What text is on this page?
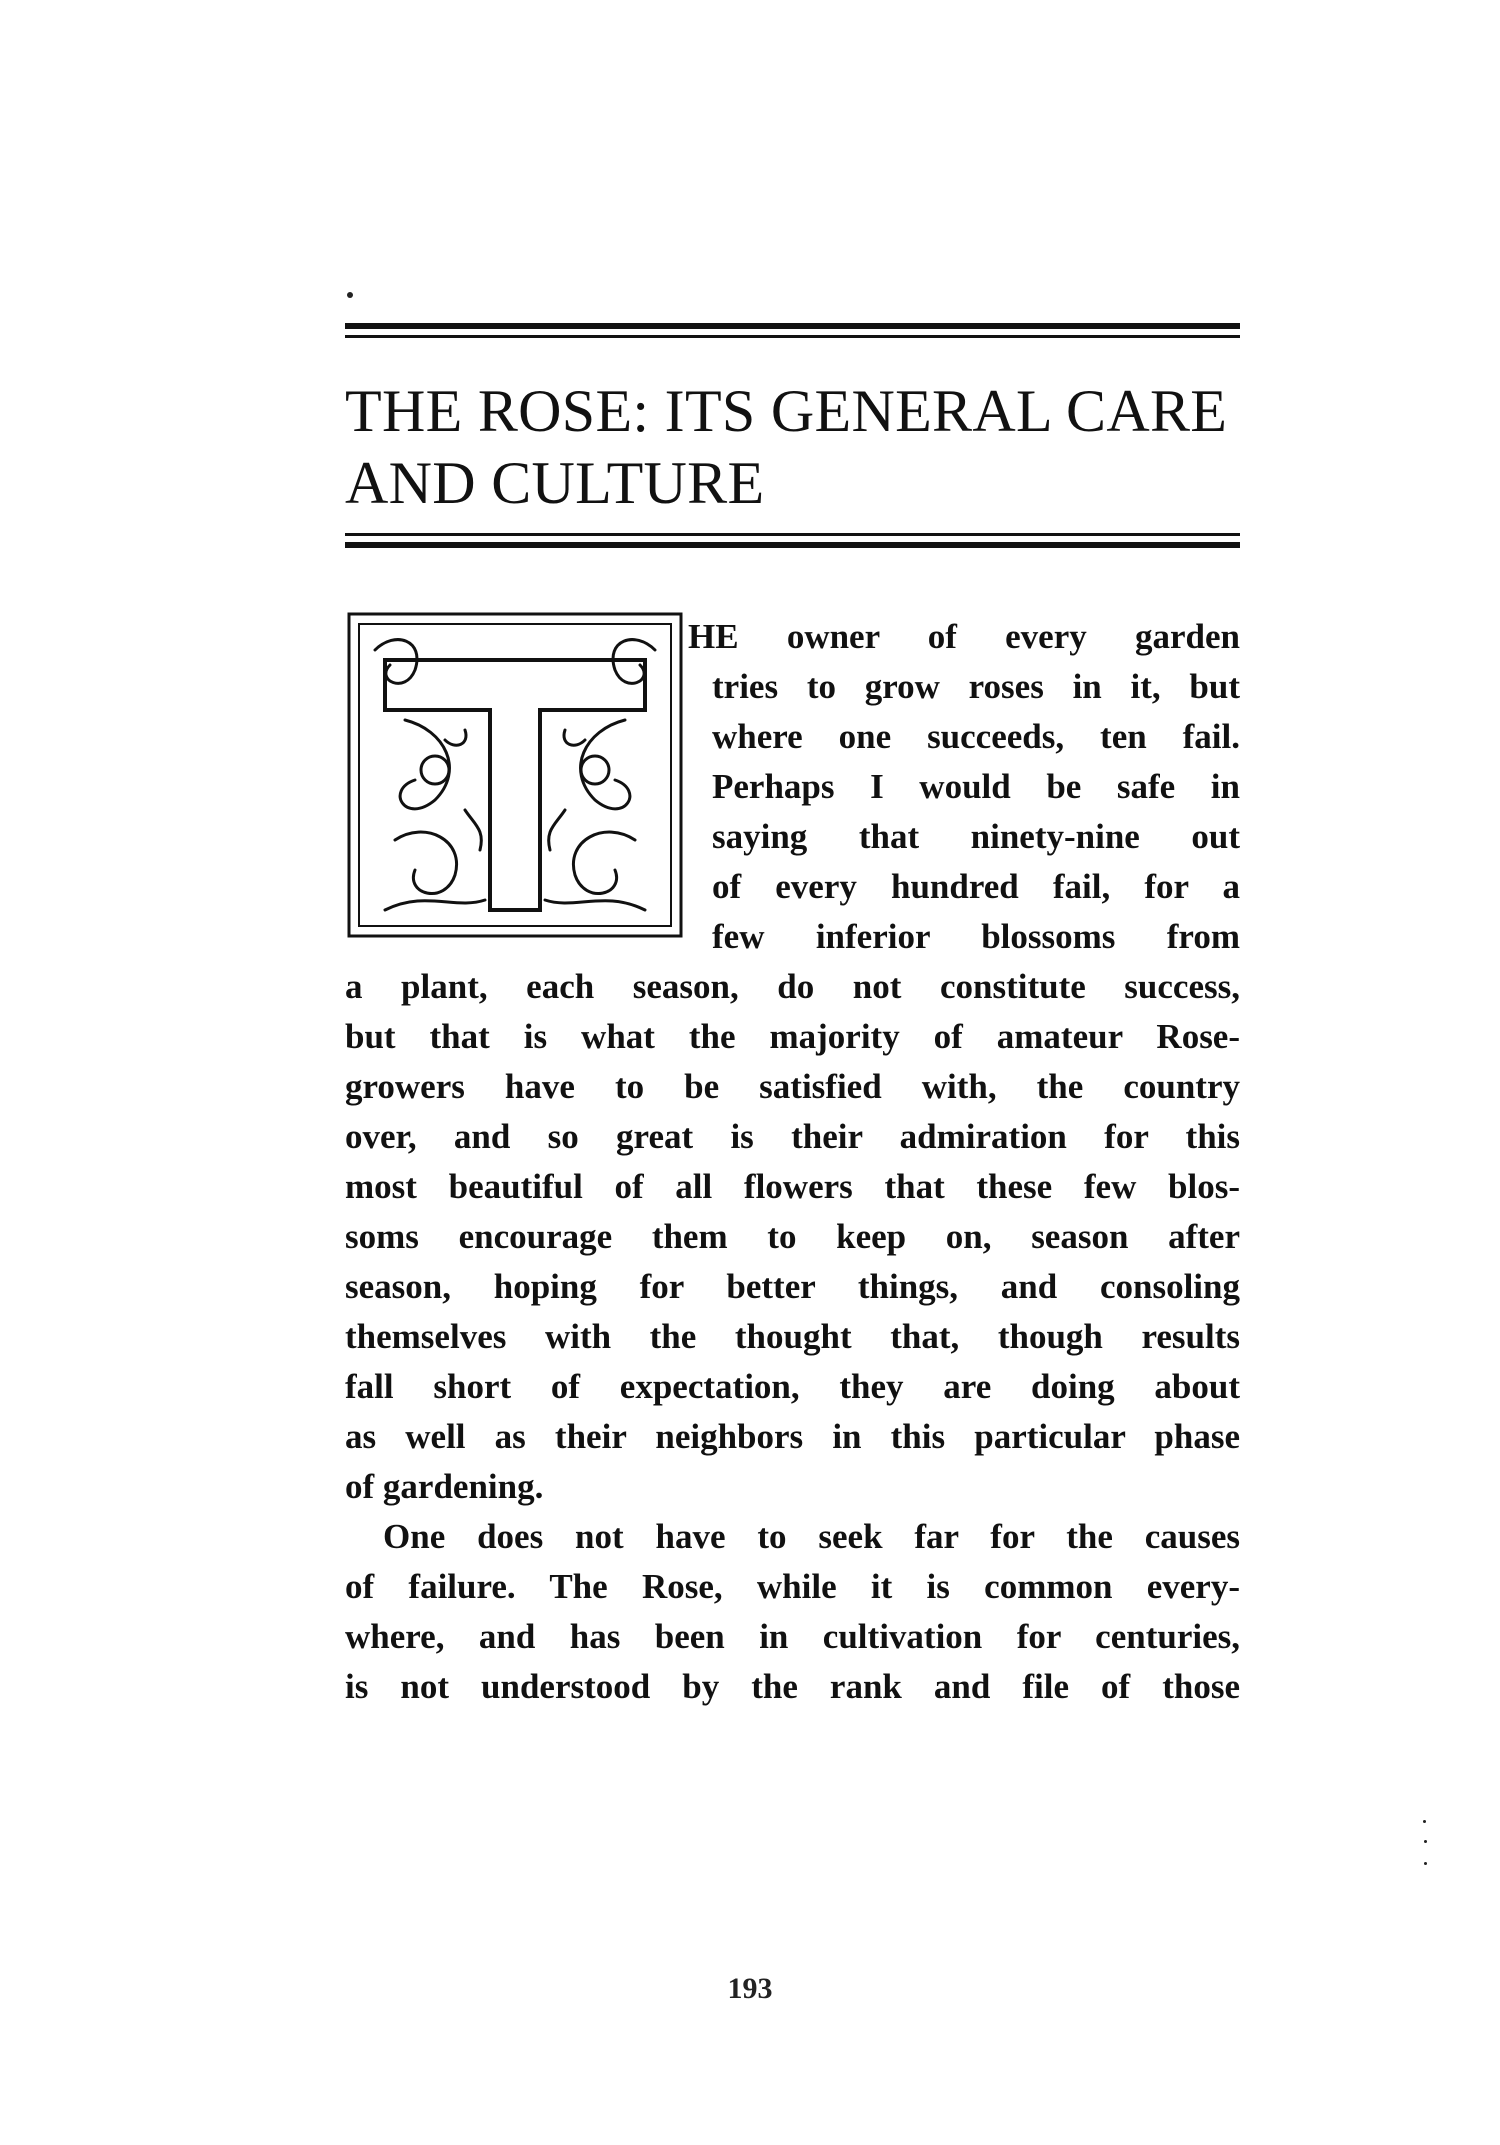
THE ROSE: ITS GENERAL CARE
AND CULTURE
HE owner of every garden
tries to grow roses in it, but
where one succeeds, ten fail.
Perhaps I would be safe in
saying that ninety-nine out
of every hundred fail, for a
few inferior blossoms from
a plant, each season, do not constitute success,
but that is what the majority of amateur Rose-
growers have to be satisfied with, the country
over, and so great is their admiration for this
most beautiful of all flowers that these few blos-
soms encourage them to keep on, season after
season, hoping for better things, and consoling
themselves with the thought that, though results
fall short of expectation, they are doing about
as well as their neighbors in this particular phase
of gardening.
One does not have to seek far for the causes
of failure. The Rose, while it is common every-
where, and has been in cultivation for centuries,
is not understood by the rank and file of those
193
